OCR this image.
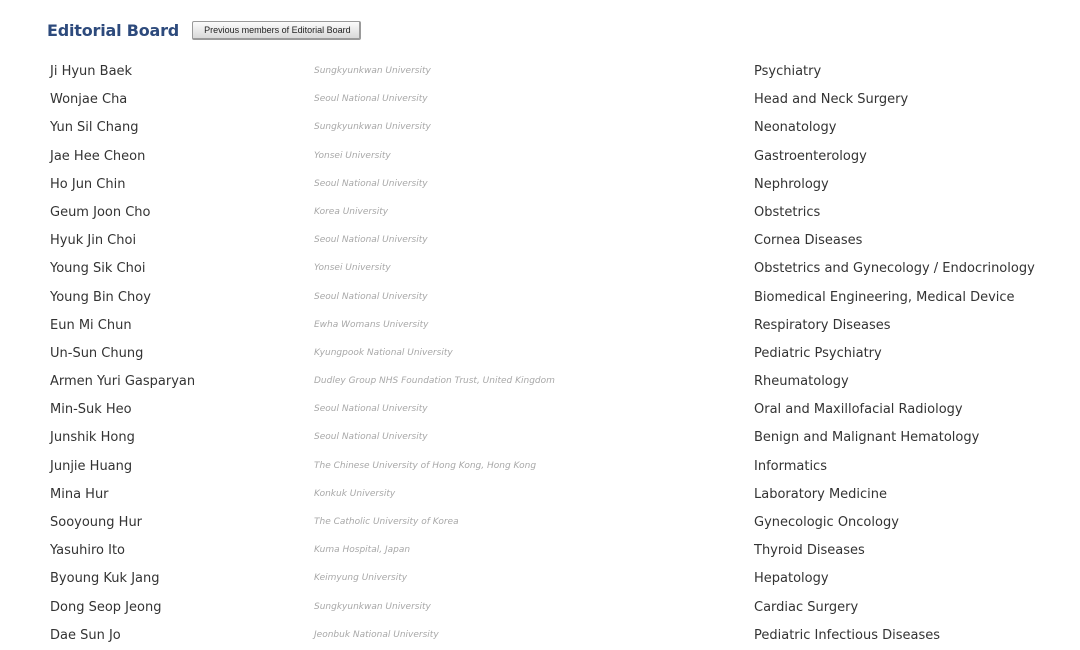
Editorial Board	Previous members of Editorial Board
Ji Hyun Baek	Sungkyunkwan University	Psychiatry
Wonjae Cha	Seoul National University	Head and Neck Surgery
Yun Sil Chang	Sungkyunkwan University	Neonatology
Jae Hee Cheon	Yonsei University	Gastroenterology
Ho Jun Chin	Seoul National University	Nephrology
Geum Joon Cho	Korea University	Obstetrics
Hyuk Jin Choi	Seoul National University	Cornea Diseases
Young Sik Choi	Yonsei University	Obstetrics and Gynecology / Endocrinology
Young Bin Choy	Seoul National University	Biomedical Engineering, Medical Device
Eun Mi Chun	Ewha Womans University	Respiratory Diseases
Un-Sun Chung	Kyungpook National University	Pediatric Psychiatry
Armen Yuri Gasparyan	Dudley Group NHS Foundation Trust, United Kingdom	Rheumatology
Min-Suk Heo	Seoul National University	Oral and Maxillofacial Radiology
Junshik Hong	Seoul National University	Benign and Malignant Hematology
Junjie Huang	The Chinese University of Hong Kong, Hong Kong	Informatics
Mina Hur	Konkuk University	Laboratory Medicine
Sooyoung Hur	The Catholic University of Korea	Gynecologic Oncology
Yasuhiro Ito	Kuma Hospital, Japan	Thyroid Diseases
Byoung Kuk Jang	Keimyung University	Hepatology
Dong Seop Jeong	Sungkyunkwan University	Cardiac Surgery
Dae Sun Jo	Jeonbuk National University	Pediatric Infectious Diseases
